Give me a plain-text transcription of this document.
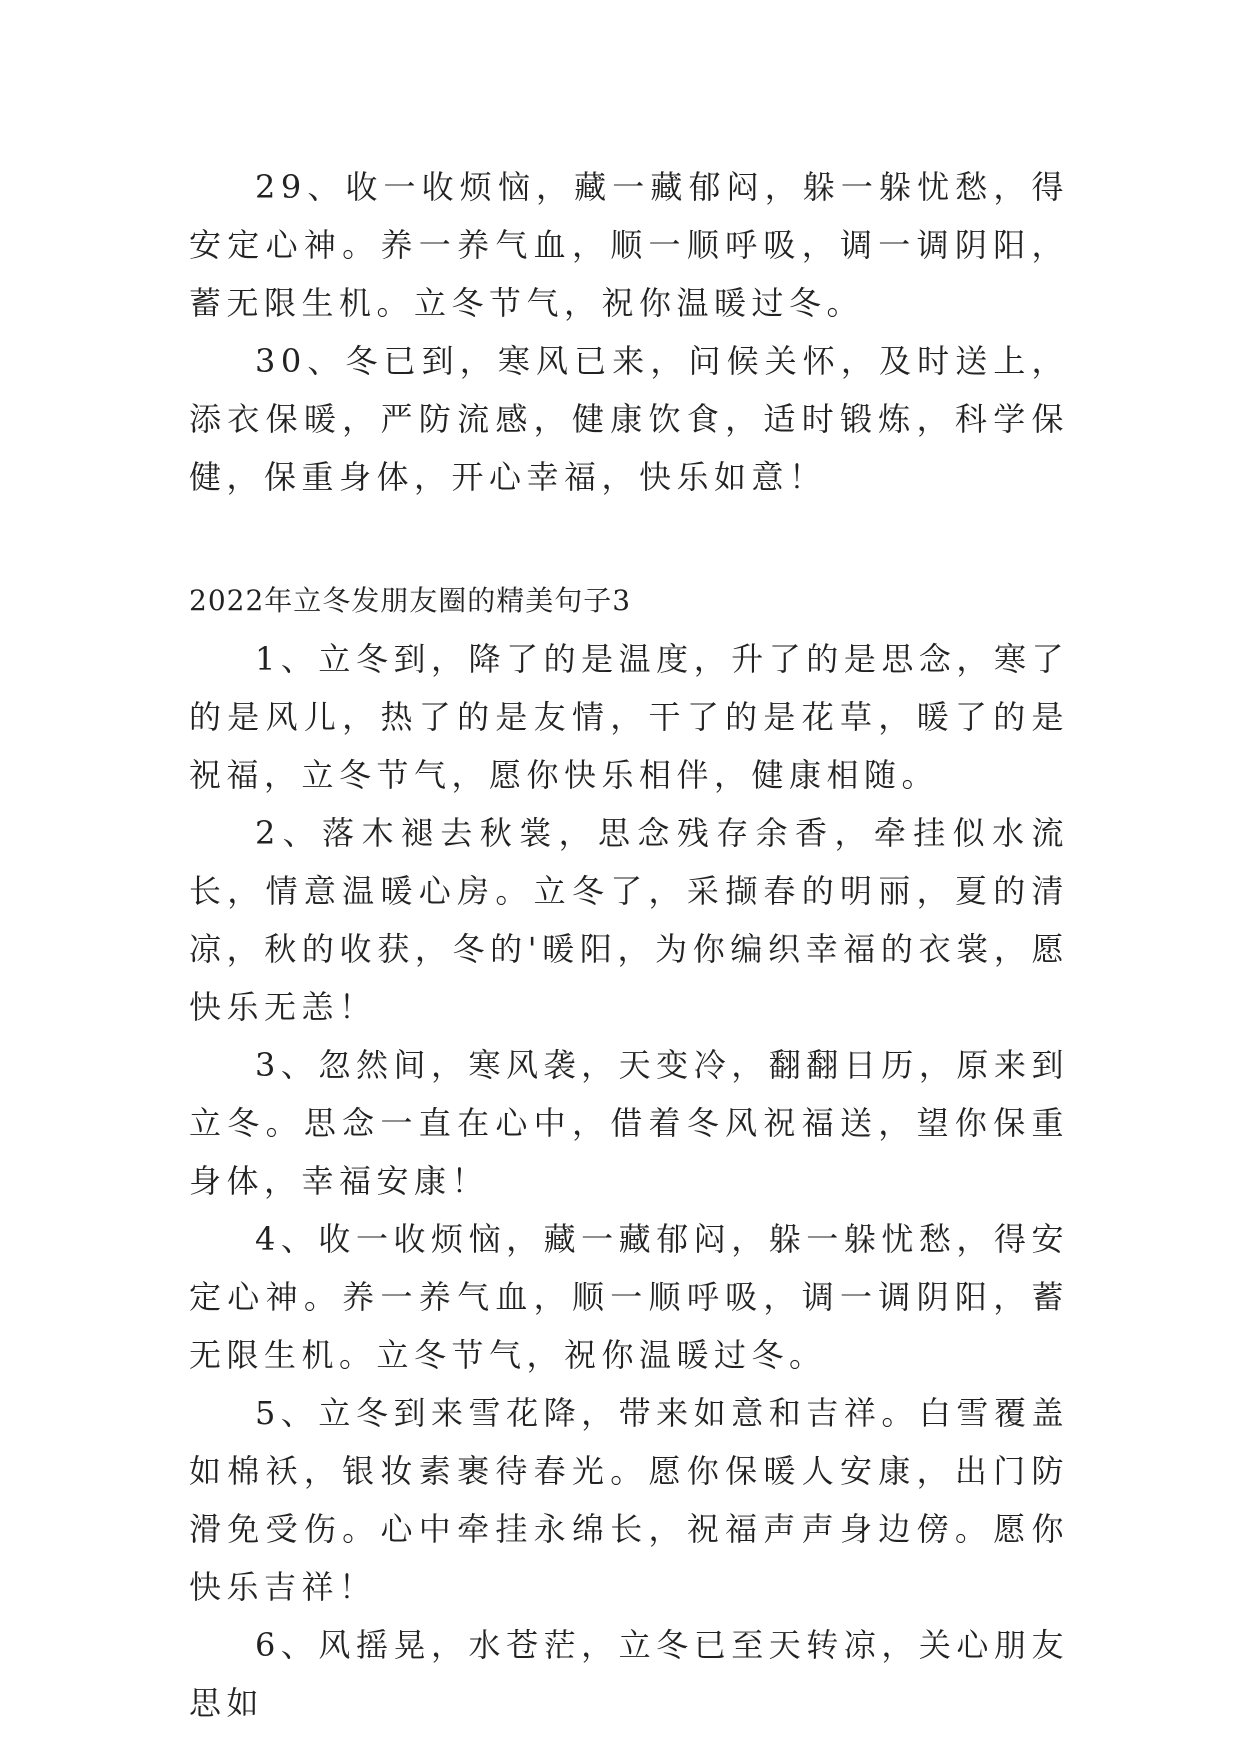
29、收一收烦恼，藏一藏郁闷，躲一躲忧愁，得安定心神。养一养气血，顺一顺呼吸，调一调阴阳，蓄无限生机。立冬节气，祝你温暖过冬。

30、冬已到，寒风已来，问候关怀，及时送上，添衣保暖，严防流感，健康饮食，适时锻炼，科学保健，保重身体，开心幸福，快乐如意！

2022年立冬发朋友圈的精美句子3

1、立冬到，降了的是温度，升了的是思念，寒了的是风儿，热了的是友情，干了的是花草，暖了的是祝福，立冬节气，愿你快乐相伴，健康相随。

2、落木褪去秋裳，思念残存余香，牵挂似水流长，情意温暖心房。立冬了，采撷春的明丽，夏的清凉，秋的收获，冬的'暖阳，为你编织幸福的衣裳，愿快乐无恙！

3、忽然间，寒风袭，天变冷，翻翻日历，原来到立冬。思念一直在心中，借着冬风祝福送，望你保重身体，幸福安康！

4、收一收烦恼，藏一藏郁闷，躲一躲忧愁，得安定心神。养一养气血，顺一顺呼吸，调一调阴阳，蓄无限生机。立冬节气，祝你温暖过冬。

5、立冬到来雪花降，带来如意和吉祥。白雪覆盖如棉袄，银妆素裹待春光。愿你保暖人安康，出门防滑免受伤。心中牵挂永绵长，祝福声声身边傍。愿你快乐吉祥！

6、风摇晃，水苍茫，立冬已至天转凉，关心朋友思如
